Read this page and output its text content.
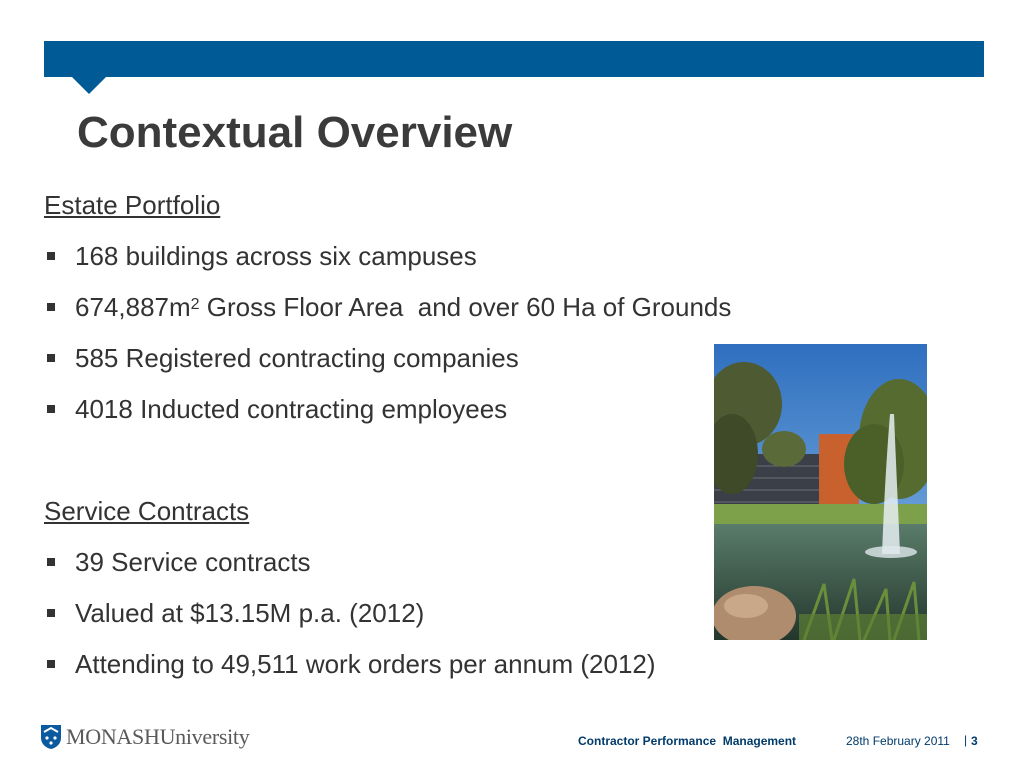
Contextual Overview
Estate Portfolio
168 buildings across six campuses
$674,887m^2$ Gross Floor Area  and over 60 Ha of Grounds
585 Registered contracting companies
4018 Inducted contracting employees
Service Contracts
39 Service contracts
Valued at $13.15M p.a. (2012)
Attending to 49,511 work orders per annum (2012)
MONASHUniversity	Contractor Performance  Management	28th February 2011 | 3
